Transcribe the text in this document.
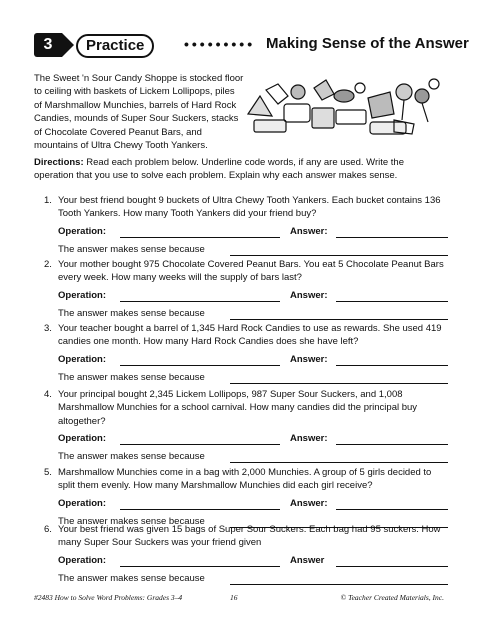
3	Practice	••••••••• Making Sense of the Answer
The Sweet 'n Sour Candy Shoppe is stocked floor to ceiling with baskets of Lickem Lollipops, piles of Marshmallow Munchies, barrels of Hard Rock Candies, mounds of Super Sour Suckers, stacks of Chocolate Covered Peanut Bars, and mountains of Ultra Chewy Tooth Yankers.
Directions: Read each problem below. Underline code words, if any are used. Write the operation that you use to solve each problem. Explain why each answer makes sense.
1. Your best friend bought 9 buckets of Ultra Chewy Tooth Yankers. Each bucket contains 136 Tooth Yankers. How many Tooth Yankers did your friend buy?
Operation:	Answer:
The answer makes sense because
2. Your mother bought 975 Chocolate Covered Peanut Bars. You eat 5 Chocolate Peanut Bars every week. How many weeks will the supply of bars last?
Operation:	Answer:
The answer makes sense because
3. Your teacher bought a barrel of 1,345 Hard Rock Candies to use as rewards. She used 419 candies one month. How many Hard Rock Candies does she have left?
Operation:	Answer:
The answer makes sense because
4. Your principal bought 2,345 Lickem Lollipops, 987 Super Sour Suckers, and 1,008 Marshmallow Munchies for a school carnival. How many candies did the principal buy altogether?
Operation:	Answer:
The answer makes sense because
5. Marshmallow Munchies come in a bag with 2,000 Munchies. A group of 5 girls decided to split them evenly. How many Marshmallow Munchies did each girl receive?
Operation:	Answer:
The answer makes sense because
6. Your best friend was given 15 bags of Super Sour Suckers. Each bag had 95 suckers. How many Super Sour Suckers was your friend given
Operation:	Answer
The answer makes sense because
#2483 How to Solve Word Problems: Grades 3–4	16	© Teacher Created Materials, Inc.
